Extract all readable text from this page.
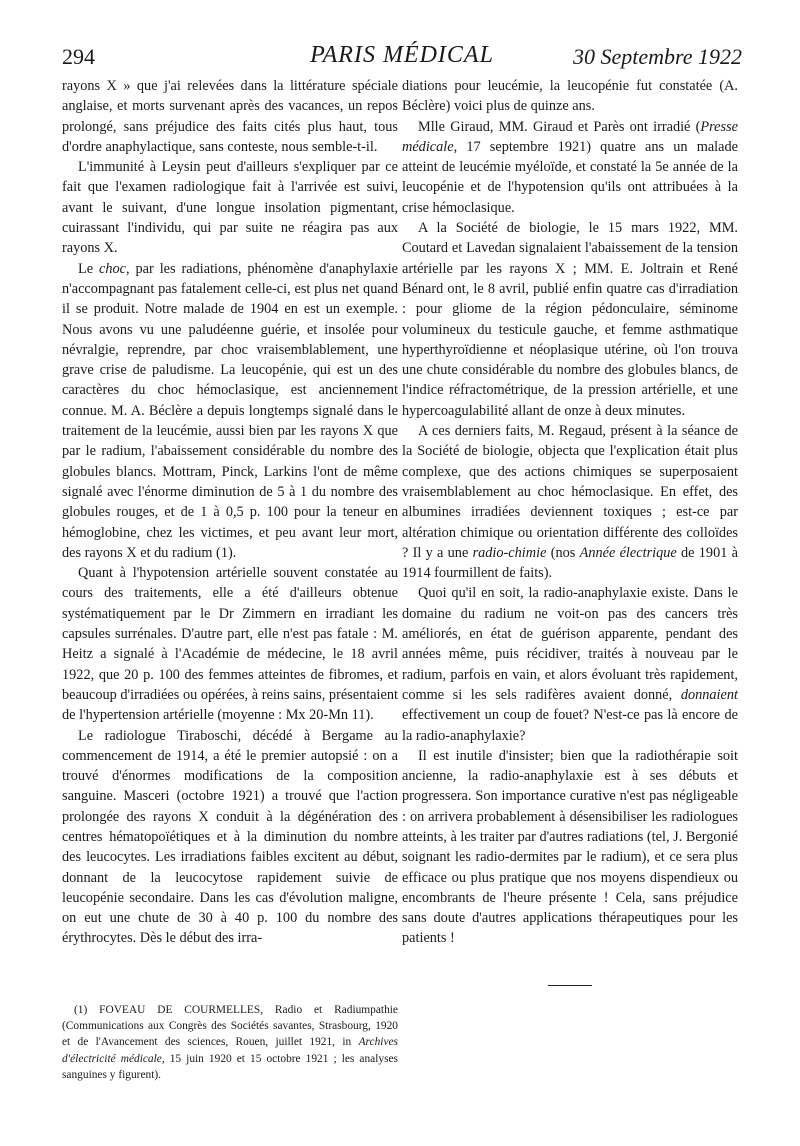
294	PARIS MÉDICAL	30 Septembre 1922

rayons X » que j'ai relevées dans la littérature spéciale anglaise, et morts survenant après des vacances, un repos prolongé, sans préjudice des faits cités plus haut, tous d'ordre anaphylactique, sans conteste, nous semble-t-il.

L'immunité à Leysin peut d'ailleurs s'expliquer par ce fait que l'examen radiologique fait à l'arrivée est suivi, avant le suivant, d'une longue insolation pigmentant, cuirassant l'individu, qui par suite ne réagira pas aux rayons X.

Le choc, par les radiations, phénomène d'anaphylaxie n'accompagnant pas fatalement celle-ci, est plus net quand il se produit. Notre malade de 1904 en est un exemple. Nous avons vu une paludéenne guérie, et insolée pour névralgie, reprendre, par choc vraisemblablement, une grave crise de paludisme. La leucopénie, qui est un des caractères du choc hémoclasique, est anciennement connue. M. A. Béclère a depuis longtemps signalé dans le traitement de la leucémie, aussi bien par les rayons X que par le radium, l'abaissement considérable du nombre des globules blancs. Mottram, Pinck, Larkins l'ont de même signalé avec l'énorme diminution de 5 à 1 du nombre des globules rouges, et de 1 à 0,5 p. 100 pour la teneur en hémoglobine, chez les victimes, et peu avant leur mort, des rayons X et du radium (1).

Quant à l'hypotension artérielle souvent constatée au cours des traitements, elle a été d'ailleurs obtenue systématiquement par le Dr Zimmern en irradiant les capsules surrénales. D'autre part, elle n'est pas fatale : M. Heitz a signalé à l'Académie de médecine, le 18 avril 1922, que 20 p. 100 des femmes atteintes de fibromes, et beaucoup d'irradiées ou opérées, à reins sains, présentaient de l'hypertension artérielle (moyenne : Mx 20-Mn 11).

Le radiologue Tiraboschi, décédé à Bergame au commencement de 1914, a été le premier autopsié : on a trouvé d'énormes modifications de la composition sanguine. Masceri (octobre 1921) a trouvé que l'action prolongée des rayons X conduit à la dégénération des centres hématopoïétiques et à la diminution du nombre des leucocytes. Les irradiations faibles excitent au début, donnant de la leucocytose rapidement suivie de leucopénie secondaire. Dans les cas d'évolution maligne, on eut une chute de 30 à 40 p. 100 du nombre des érythrocytes. Dès le début des irra-

diations pour leucémie, la leucopénie fut constatée (A. Béclère) voici plus de quinze ans.

Mlle Giraud, MM. Giraud et Parès ont irradié (Presse médicale, 17 septembre 1921) quatre ans un malade atteint de leucémie myéloïde, et constaté la 5e année de la leucopénie et de l'hypotension qu'ils ont attribuées à la crise hémoclasique.

A la Société de biologie, le 15 mars 1922, MM. Coutard et Lavedan signalaient l'abaissement de la tension artérielle par les rayons X ; MM. E. Joltrain et René Bénard ont, le 8 avril, publié enfin quatre cas d'irradiation : pour gliome de la région pédonculaire, séminome volumineux du testicule gauche, et femme asthmatique hyperthyroïdienne et néoplasique utérine, où l'on trouva une chute considérable du nombre des globules blancs, de l'indice réfractométrique, de la pression artérielle, et une hypercoagulabilité allant de onze à deux minutes.

A ces derniers faits, M. Regaud, présent à la séance de la Société de biologie, objecta que l'explication était plus complexe, que des actions chimiques se superposaient vraisemblablement au choc hémoclasique. En effet, des albumines irradiées deviennent toxiques ; est-ce par altération chimique ou orientation différente des colloïdes ? Il y a une radio-chimie (nos Année électrique de 1901 à 1914 fourmillent de faits).

Quoi qu'il en soit, la radio-anaphylaxie existe. Dans le domaine du radium ne voit-on pas des cancers très améliorés, en état de guérison apparente, pendant des années même, puis récidiver, traités à nouveau par le radium, parfois en vain, et alors évoluant très rapidement, comme si les sels radifères avaient donné, donnaient effectivement un coup de fouet? N'est-ce pas là encore de la radio-anaphylaxie?

Il est inutile d'insister; bien que la radiothérapie soit ancienne, la radio-anaphylaxie est à ses débuts et progressera. Son importance curative n'est pas négligeable : on arrivera probablement à désensibiliser les radiologues atteints, à les traiter par d'autres radiations (tel, J. Bergonié soignant les radio-dermites par le radium), et ce sera plus efficace ou plus pratique que nos moyens dispendieux ou encombrants de l'heure présente ! Cela, sans préjudice sans doute d'autres applications thérapeutiques pour les patients !

(1) FOVEAU DE COURMELLES, Radio et Radiumpathie (Communications aux Congrès des Sociétés savantes, Strasbourg, 1920 et de l'Avancement des sciences, Rouen, juillet 1921, in Archives d'électricité médicale, 15 juin 1920 et 15 octobre 1921 ; les analyses sanguines y figurent).
